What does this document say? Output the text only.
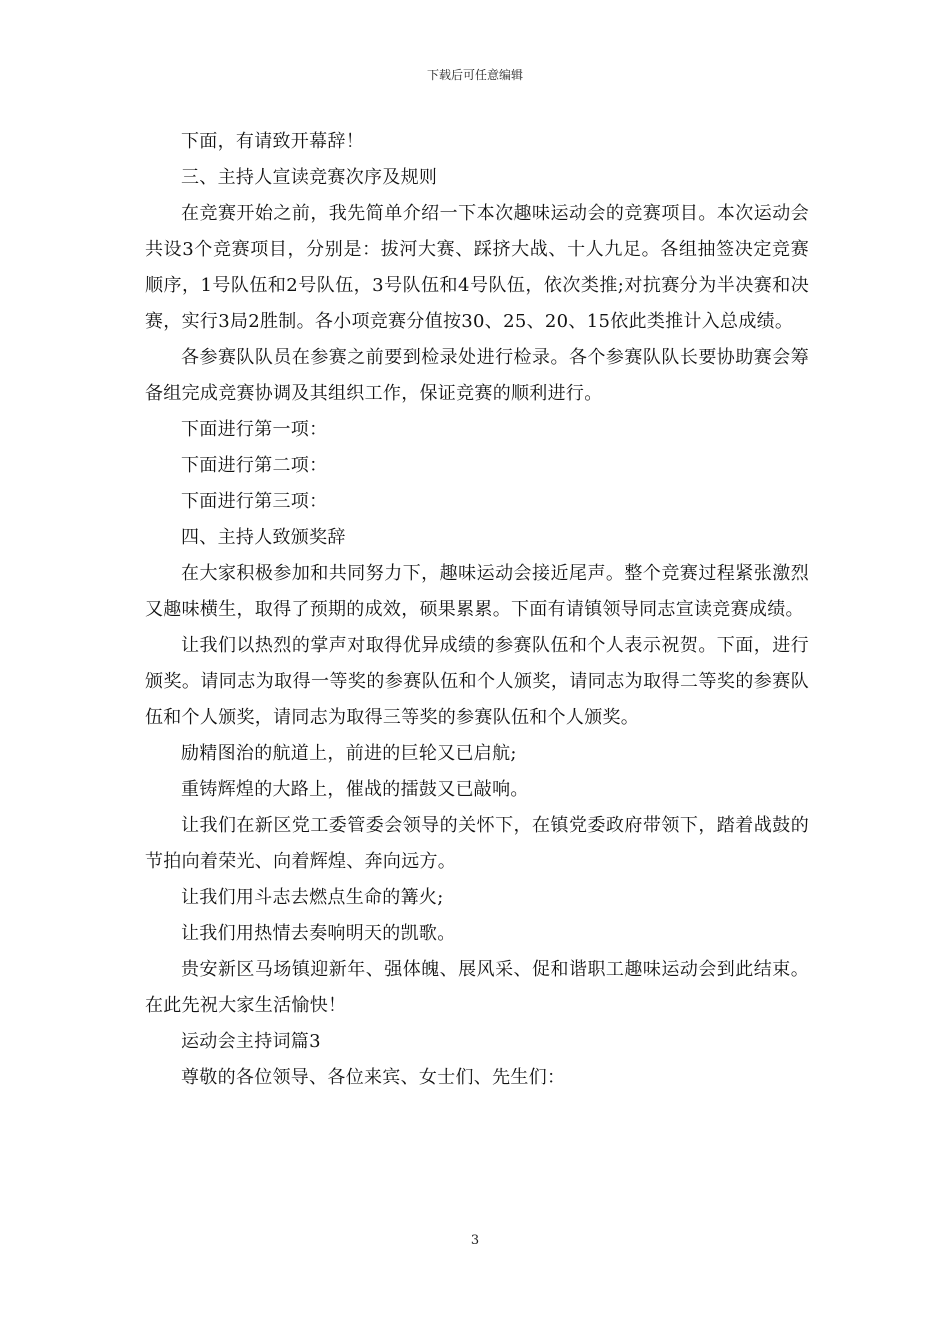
下载后可任意编辑

下面，有请致开幕辞！

三、主持人宣读竞赛次序及规则

在竞赛开始之前，我先简单介绍一下本次趣味运动会的竞赛项目。本次运动会共设3个竞赛项目，分别是：拔河大赛、踩挤大战、十人九足。各组抽签决定竞赛顺序，1号队伍和2号队伍，3号队伍和4号队伍，依次类推;对抗赛分为半决赛和决赛，实行3局2胜制。各小项竞赛分值按30、25、20、15依此类推计入总成绩。

各参赛队队员在参赛之前要到检录处进行检录。各个参赛队队长要协助赛会筹备组完成竞赛协调及其组织工作，保证竞赛的顺利进行。

下面进行第一项：

下面进行第二项：

下面进行第三项：

四、主持人致颁奖辞

在大家积极参加和共同努力下，趣味运动会接近尾声。整个竞赛过程紧张激烈又趣味横生，取得了预期的成效，硕果累累。下面有请镇领导同志宣读竞赛成绩。

让我们以热烈的掌声对取得优异成绩的参赛队伍和个人表示祝贺。下面，进行颁奖。请同志为取得一等奖的参赛队伍和个人颁奖，请同志为取得二等奖的参赛队伍和个人颁奖，请同志为取得三等奖的参赛队伍和个人颁奖。

励精图治的航道上，前进的巨轮又已启航;

重铸辉煌的大路上，催战的擂鼓又已敲响。

让我们在新区党工委管委会领导的关怀下，在镇党委政府带领下，踏着战鼓的节拍向着荣光、向着辉煌、奔向远方。

让我们用斗志去燃点生命的篝火;

让我们用热情去奏响明天的凯歌。

贵安新区马场镇迎新年、强体魄、展风采、促和谐职工趣味运动会到此结束。在此先祝大家生活愉快！

运动会主持词篇3

尊敬的各位领导、各位来宾、女士们、先生们：

3
